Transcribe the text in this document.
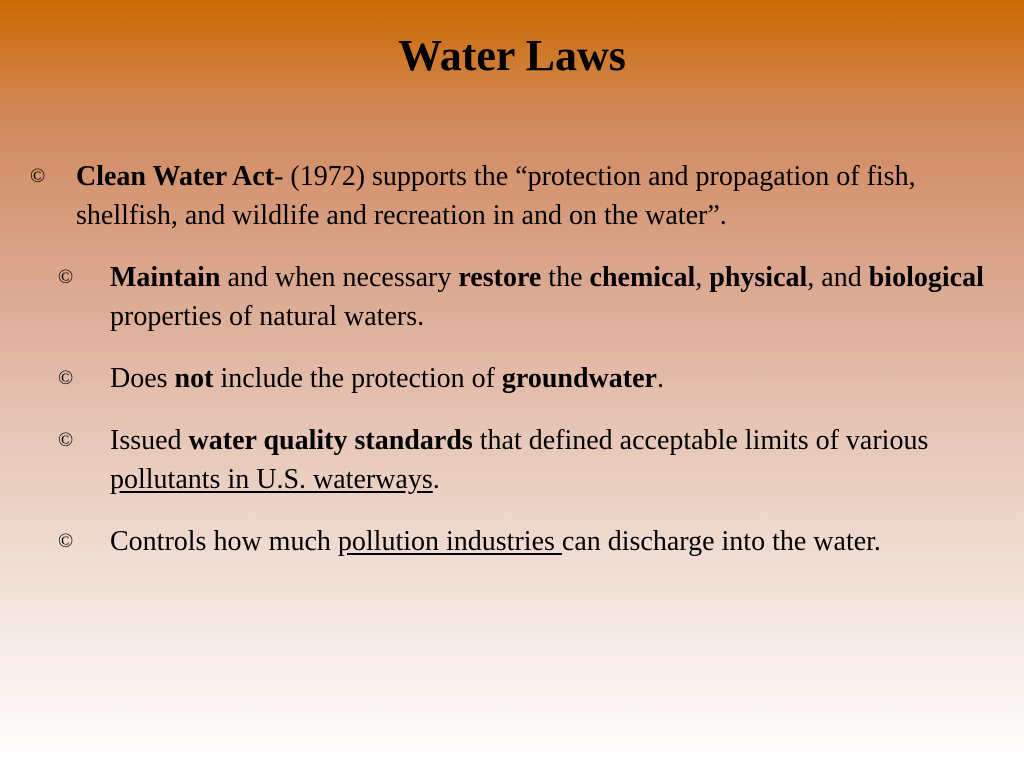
Water Laws
© Clean Water Act- (1972) supports the “protection and propagation of fish, shellfish, and wildlife and recreation in and on the water”.
© Maintain and when necessary restore the chemical, physical, and biological properties of natural waters.
© Does not include the protection of groundwater.
© Issued water quality standards that defined acceptable limits of various pollutants in U.S. waterways.
© Controls how much pollution industries can discharge into the water.
